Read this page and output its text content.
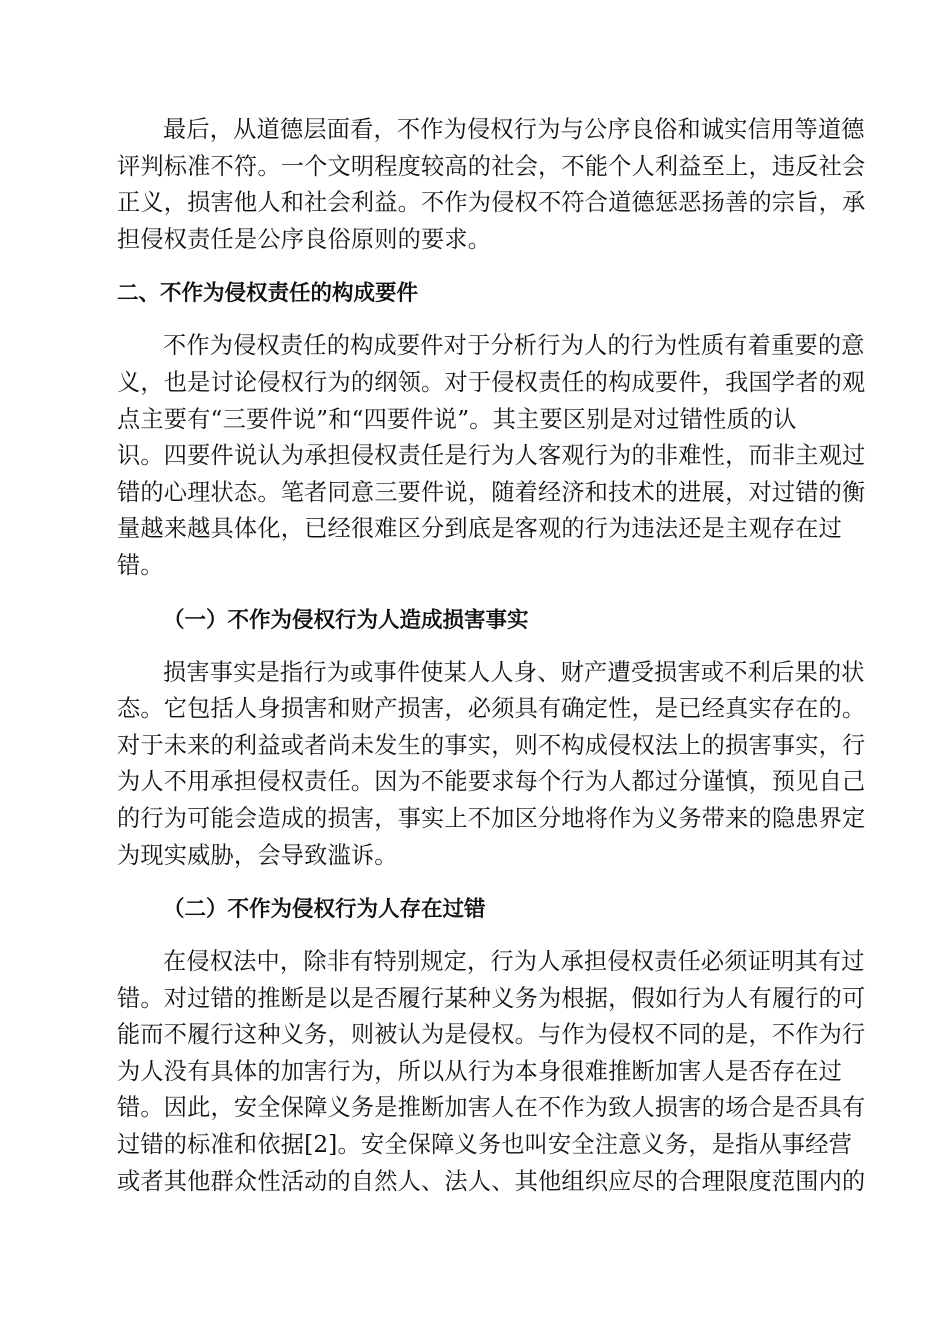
最后，从道德层面看，不作为侵权行为与公序良俗和诚实信用等道德
评判标准不符。一个文明程度较高的社会，不能个人利益至上，违反社会
正义，损害他人和社会利益。不作为侵权不符合道德惩恶扬善的宗旨，承
担侵权责任是公序良俗原则的要求。

二、不作为侵权责任的构成要件

不作为侵权责任的构成要件对于分析行为人的行为性质有着重要的意
义，也是讨论侵权行为的纲领。对于侵权责任的构成要件，我国学者的观
点主要有“三要件说”和“四要件说”。其主要区别是对过错性质的认
识。四要件说认为承担侵权责任是行为人客观行为的非难性，而非主观过
错的心理状态。笔者同意三要件说，随着经济和技术的进展，对过错的衡
量越来越具体化，已经很难区分到底是客观的行为违法还是主观存在过
错。

（一）不作为侵权行为人造成损害事实

损害事实是指行为或事件使某人人身、财产遭受损害或不利后果的状
态。它包括人身损害和财产损害，必须具有确定性，是已经真实存在的。
对于未来的利益或者尚未发生的事实，则不构成侵权法上的损害事实，行
为人不用承担侵权责任。因为不能要求每个行为人都过分谨慎，预见自己
的行为可能会造成的损害，事实上不加区分地将作为义务带来的隐患界定
为现实威胁，会导致滥诉。

（二）不作为侵权行为人存在过错

在侵权法中，除非有特别规定，行为人承担侵权责任必须证明其有过
错。对过错的推断是以是否履行某种义务为根据，假如行为人有履行的可
能而不履行这种义务，则被认为是侵权。与作为侵权不同的是，不作为行
为人没有具体的加害行为，所以从行为本身很难推断加害人是否存在过
错。因此，安全保障义务是推断加害人在不作为致人损害的场合是否具有
过错的标准和依据[2]。安全保障义务也叫安全注意义务，是指从事经营
或者其他群众性活动的自然人、法人、其他组织应尽的合理限度范围内的
